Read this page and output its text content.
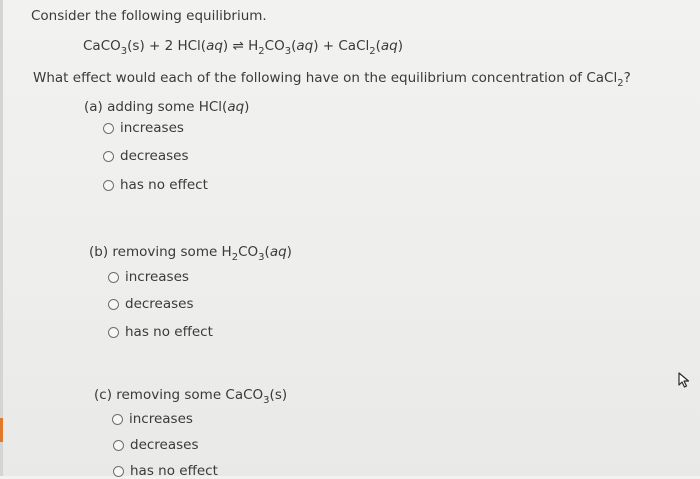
Consider the following equilibrium.
CaCO$_3$(s) + 2 HCl(aq) ⇌ $H_2CO_3(aq)$ + CaCl$_2$(aq)
What effect would each of the following have on the equilibrium concentration of CaCl$_2$?
(a) adding some HCl(aq)
increases
decreases
has no effect
(b) removing some $H_2CO_3(aq)$
increases
decreases
has no effect
(c) removing some CaCO$_3$(s)
increases
decreases
has no effect
